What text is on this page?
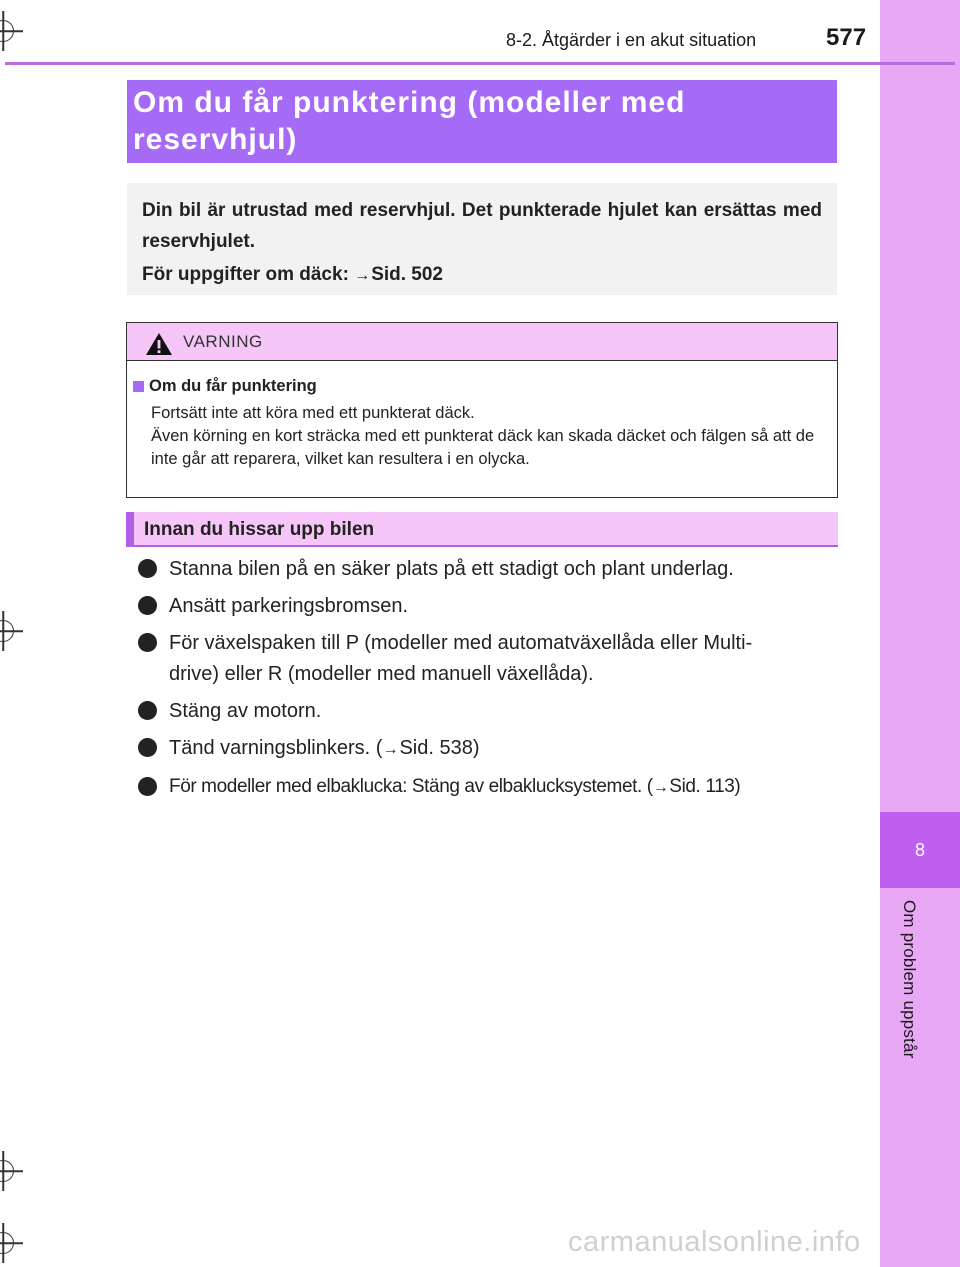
8
Om problem uppstår
8-2. Åtgärder i en akut situation	577
Om du får punktering (modeller med
reservhjul)
Din bil är utrustad med reservhjul. Det punkterade hjulet kan ersättas med reservhjulet.
För uppgifter om däck: →Sid. 502
VARNING
Om du får punktering
Fortsätt inte att köra med ett punkterat däck.
Även körning en kort sträcka med ett punkterat däck kan skada däcket och fälgen så att de inte går att reparera, vilket kan resultera i en olycka.
Innan du hissar upp bilen
Stanna bilen på en säker plats på ett stadigt och plant underlag.
Ansätt parkeringsbromsen.
För växelspaken till P (modeller med automatväxellåda eller Multi-
drive) eller R (modeller med manuell växellåda).
Stäng av motorn.
Tänd varningsblinkers. (→Sid. 538)
För modeller med elbaklucka: Stäng av elbaklucksystemet. (→Sid. 113)
carmanualsonline.info
